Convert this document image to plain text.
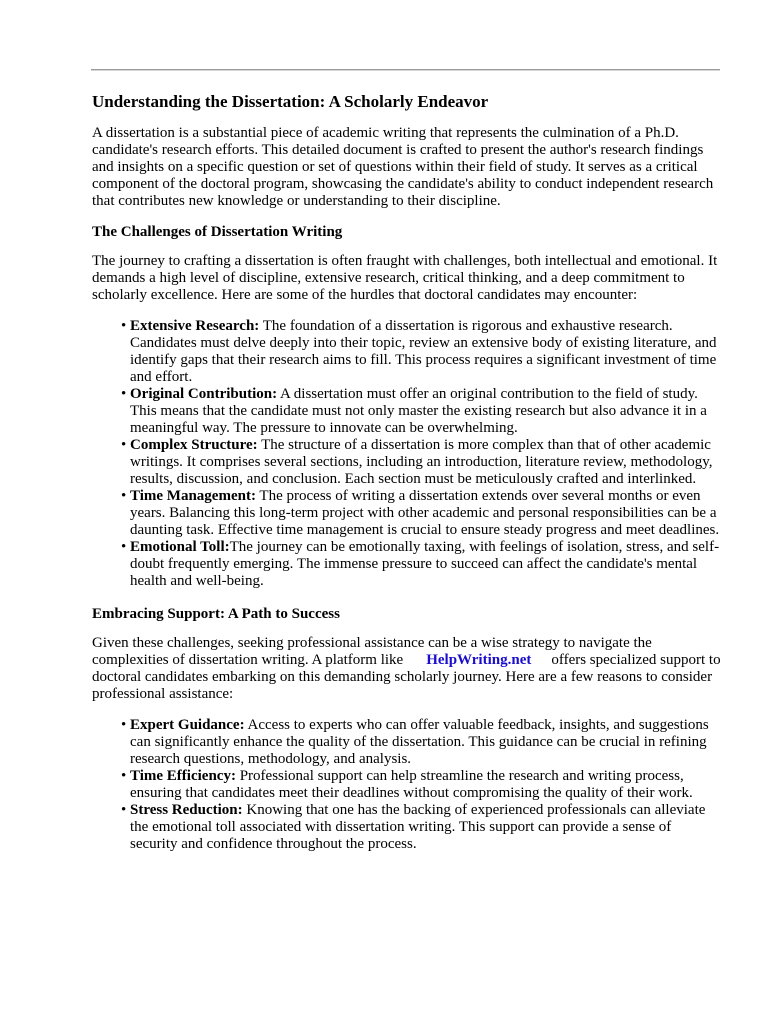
Understanding the Dissertation: A Scholarly Endeavor

A dissertation is a substantial piece of academic writing that represents the culmination of a Ph.D. candidate's research efforts. This detailed document is crafted to present the author's research findings and insights on a specific question or set of questions within their field of study. It serves as a critical component of the doctoral program, showcasing the candidate's ability to conduct independent research that contributes new knowledge or understanding to their discipline.

The Challenges of Dissertation Writing

The journey to crafting a dissertation is often fraught with challenges, both intellectual and emotional. It demands a high level of discipline, extensive research, critical thinking, and a deep commitment to scholarly excellence. Here are some of the hurdles that doctoral candidates may encounter:

• Extensive Research: The foundation of a dissertation is rigorous and exhaustive research. Candidates must delve deeply into their topic, review an extensive body of existing literature, and identify gaps that their research aims to fill. This process requires a significant investment of time and effort.
• Original Contribution: A dissertation must offer an original contribution to the field of study. This means that the candidate must not only master the existing research but also advance it in a meaningful way. The pressure to innovate can be overwhelming.
• Complex Structure: The structure of a dissertation is more complex than that of other academic writings. It comprises several sections, including an introduction, literature review, methodology, results, discussion, and conclusion. Each section must be meticulously crafted and interlinked.
• Time Management: The process of writing a dissertation extends over several months or even years. Balancing this long-term project with other academic and personal responsibilities can be a daunting task. Effective time management is crucial to ensure steady progress and meet deadlines.
• Emotional Toll:The journey can be emotionally taxing, with feelings of isolation, stress, and self-doubt frequently emerging. The immense pressure to succeed can affect the candidate's mental health and well-being.
Embracing Support: A Path to Success

Given these challenges, seeking professional assistance can be a wise strategy to navigate the complexities of dissertation writing. A platform like HelpWriting.net offers specialized support to doctoral candidates embarking on this demanding scholarly journey. Here are a few reasons to consider professional assistance:

• Expert Guidance: Access to experts who can offer valuable feedback, insights, and suggestions can significantly enhance the quality of the dissertation. This guidance can be crucial in refining research questions, methodology, and analysis.
• Time Efficiency: Professional support can help streamline the research and writing process, ensuring that candidates meet their deadlines without compromising the quality of their work.
• Stress Reduction: Knowing that one has the backing of experienced professionals can alleviate the emotional toll associated with dissertation writing. This support can provide a sense of security and confidence throughout the process.
